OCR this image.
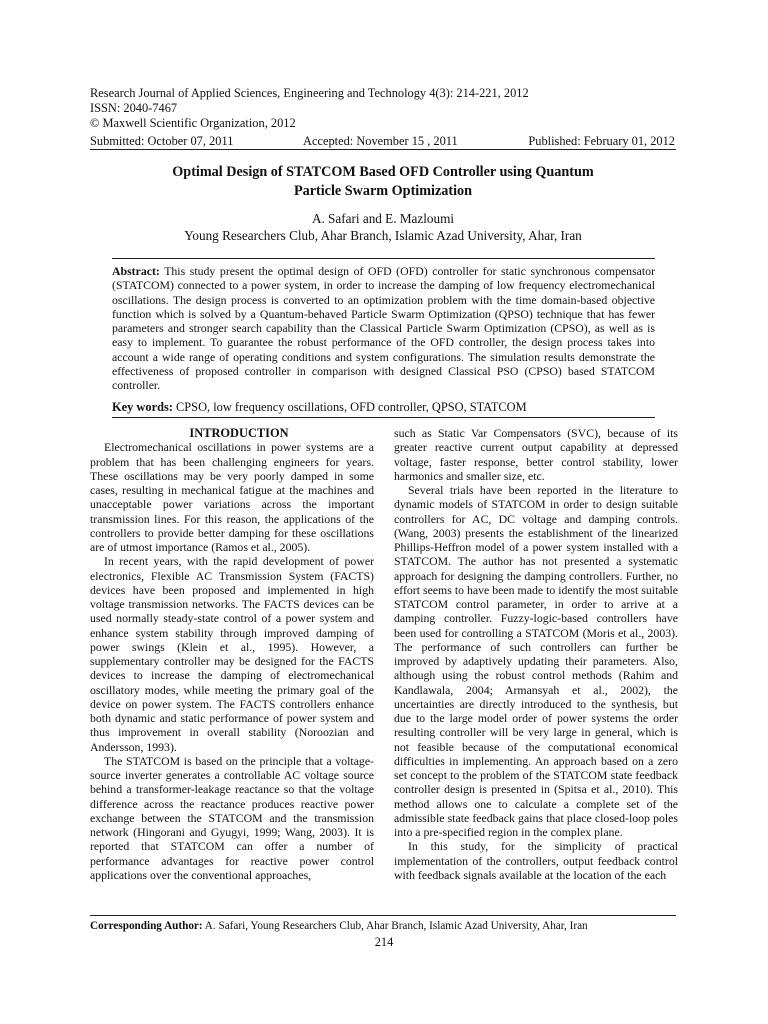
Research Journal of Applied Sciences, Engineering and Technology 4(3): 214-221, 2012
ISSN: 2040-7467
© Maxwell Scientific Organization, 2012
Submitted: October 07, 2011	Accepted: November 15 , 2011	Published: February 01, 2012
Optimal Design of STATCOM Based OFD Controller using Quantum
Particle Swarm Optimization
A. Safari and E. Mazloumi
Young Researchers Club, Ahar Branch, Islamic Azad University, Ahar, Iran
Abstract: This study present the optimal design of OFD (OFD) controller for static synchronous compensator (STATCOM) connected to a power system, in order to increase the damping of low frequency electromechanical oscillations. The design process is converted to an optimization problem with the time domain-based objective function which is solved by a Quantum-behaved Particle Swarm Optimization (QPSO) technique that has fewer parameters and stronger search capability than the Classical Particle Swarm Optimization (CPSO), as well as is easy to implement. To guarantee the robust performance of the OFD controller, the design process takes into account a wide range of operating conditions and system configurations. The simulation results demonstrate the effectiveness of proposed controller in comparison with designed Classical PSO (CPSO) based STATCOM controller.
Key words: CPSO, low frequency oscillations, OFD controller, QPSO, STATCOM

INTRODUCTION

Electromechanical oscillations in power systems are a problem that has been challenging engineers for years. These oscillations may be very poorly damped in some cases, resulting in mechanical fatigue at the machines and unacceptable power variations across the important transmission lines. For this reason, the applications of the controllers to provide better damping for these oscillations are of utmost importance (Ramos et al., 2005).

In recent years, with the rapid development of power electronics, Flexible AC Transmission System (FACTS) devices have been proposed and implemented in high voltage transmission networks. The FACTS devices can be used normally steady-state control of a power system and enhance system stability through improved damping of power swings (Klein et al., 1995). However, a supplementary controller may be designed for the FACTS devices to increase the damping of electromechanical oscillatory modes, while meeting the primary goal of the device on power system. The FACTS controllers enhance both dynamic and static performance of power system and thus improvement in overall stability (Noroozian and Andersson, 1993).

The STATCOM is based on the principle that a voltage-source inverter generates a controllable AC voltage source behind a transformer-leakage reactance so that the voltage difference across the reactance produces reactive power exchange between the STATCOM and the transmission network (Hingorani and Gyugyi, 1999; Wang, 2003). It is reported that STATCOM can offer a number of performance advantages for reactive power control applications over the conventional approaches,

such as Static Var Compensators (SVC), because of its greater reactive current output capability at depressed voltage, faster response, better control stability, lower harmonics and smaller size, etc.

Several trials have been reported in the literature to dynamic models of STATCOM in order to design suitable controllers for AC, DC voltage and damping controls. (Wang, 2003) presents the establishment of the linearized Phillips-Heffron model of a power system installed with a STATCOM. The author has not presented a systematic approach for designing the damping controllers. Further, no effort seems to have been made to identify the most suitable STATCOM control parameter, in order to arrive at a damping controller. Fuzzy-logic-based controllers have been used for controlling a STATCOM (Moris et al., 2003). The performance of such controllers can further be improved by adaptively updating their parameters. Also, although using the robust control methods (Rahim and Kandlawala, 2004; Armansyah et al., 2002), the uncertainties are directly introduced to the synthesis, but due to the large model order of power systems the order resulting controller will be very large in general, which is not feasible because of the computational economical difficulties in implementing. An approach based on a zero set concept to the problem of the STATCOM state feedback controller design is presented in (Spitsa et al., 2010). This method allows one to calculate a complete set of the admissible state feedback gains that place closed-loop poles into a pre-specified region in the complex plane.

In this study, for the simplicity of practical implementation of the controllers, output feedback control with feedback signals available at the location of the each

Corresponding Author: A. Safari, Young Researchers Club, Ahar Branch, Islamic Azad University, Ahar, Iran
214
